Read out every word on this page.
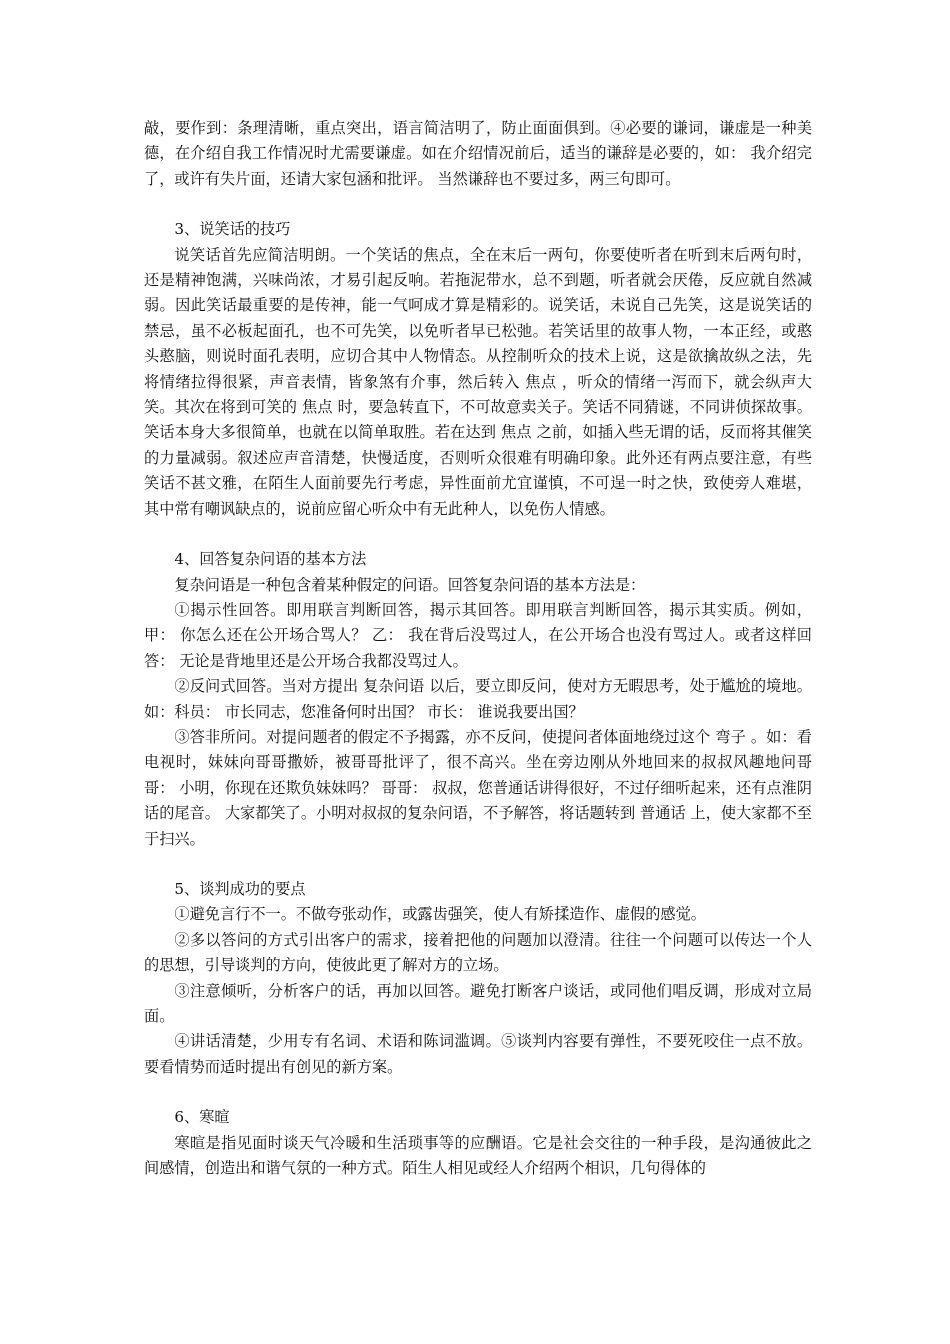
敲，要作到：条理清晰，重点突出，语言简洁明了，防止面面俱到。④必要的谦词，谦虚是一种美德，在介绍自我工作情况时尤需要谦虚。如在介绍情况前后，适当的谦辞是必要的，如： 我介绍完了，或许有失片面，还请大家包涵和批评。 当然谦辞也不要过多，两三句即可。

3、说笑话的技巧

说笑话首先应简洁明朗。一个笑话的焦点，全在末后一两句，你要使听者在听到末后两句时，还是精神饱满，兴味尚浓，才易引起反响。若拖泥带水，总不到题，听者就会厌倦，反应就自然减弱。因此笑话最重要的是传神，能一气呵成才算是精彩的。说笑话，未说自己先笑，这是说笑话的禁忌，虽不必板起面孔，也不可先笑，以免听者早已松弛。若笑话里的故事人物，一本正经，或憨头憨脑，则说时面孔表明，应切合其中人物情态。从控制听众的技术上说，这是欲擒故纵之法，先将情绪拉得很紧，声音表情，皆象煞有介事，然后转入 焦点 ，听众的情绪一泻而下，就会纵声大笑。其次在将到可笑的 焦点 时，要急转直下，不可故意卖关子。笑话不同猜谜，不同讲侦探故事。笑话本身大多很简单，也就在以简单取胜。若在达到 焦点 之前，如插入些无谓的话，反而将其催笑的力量减弱。叙述应声音清楚，快慢适度，否则听众很难有明确印象。此外还有两点要注意，有些笑话不甚文雅，在陌生人面前要先行考虑，异性面前尤宜谨慎，不可逞一时之快，致使旁人难堪，其中常有嘲讽缺点的，说前应留心听众中有无此种人，以免伤人情感。

4、回答复杂问语的基本方法

复杂问语是一种包含着某种假定的问语。回答复杂问语的基本方法是：

①揭示性回答。即用联言判断回答，揭示其回答。即用联言判断回答，揭示其实质。例如，甲： 你怎么还在公开场合骂人？ 乙： 我在背后没骂过人，在公开场合也没有骂过人。或者这样回答： 无论是背地里还是公开场合我都没骂过人。

②反问式回答。当对方提出 复杂问语 以后，要立即反问，使对方无暇思考，处于尴尬的境地。如：科员： 市长同志，您准备何时出国？ 市长： 谁说我要出国？

③答非所问。对提问题者的假定不予揭露，亦不反问，使提问者体面地绕过这个 弯子 。如：看电视时，妹妹向哥哥撒娇，被哥哥批评了，很不高兴。坐在旁边刚从外地回来的叔叔风趣地问哥哥： 小明，你现在还欺负妹妹吗？ 哥哥： 叔叔，您普通话讲得很好，不过仔细听起来，还有点淮阴话的尾音。 大家都笑了。小明对叔叔的复杂问语，不予解答，将话题转到 普通话 上，使大家都不至于扫兴。

5、谈判成功的要点

①避免言行不一。不做夸张动作，或露齿强笑，使人有矫揉造作、虚假的感觉。

②多以答问的方式引出客户的需求，接着把他的问题加以澄清。往往一个问题可以传达一个人的思想，引导谈判的方向，使彼此更了解对方的立场。

③注意倾听，分析客户的话，再加以回答。避免打断客户谈话，或同他们唱反调，形成对立局面。

④讲话清楚，少用专有名词、术语和陈词滥调。⑤谈判内容要有弹性，不要死咬住一点不放。要看情势而适时提出有创见的新方案。

6、寒暄

寒暄是指见面时谈天气冷暖和生活琐事等的应酬语。它是社会交往的一种手段，是沟通彼此之间感情，创造出和谐气氛的一种方式。陌生人相见或经人介绍两个相识，几句得体的
